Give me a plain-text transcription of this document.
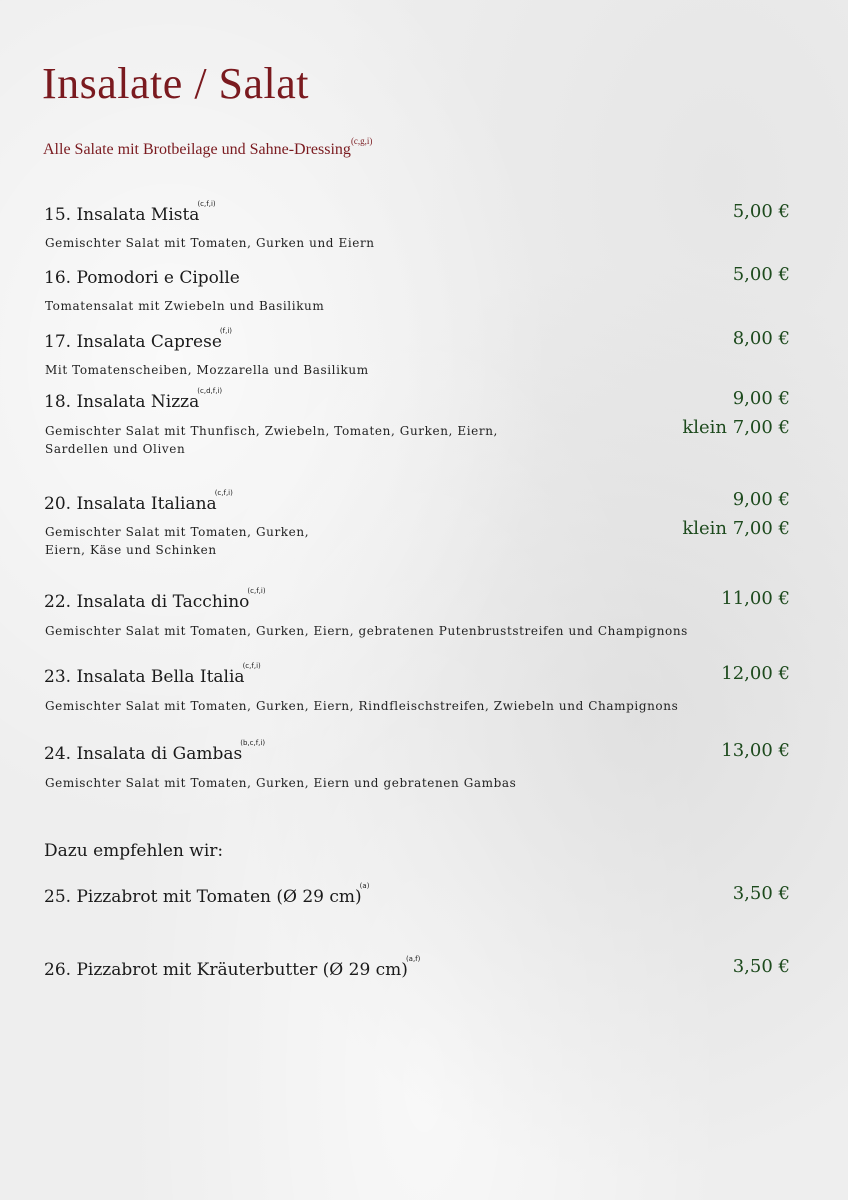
Insalate / Salat
Alle Salate mit Brotbeilage und Sahne-Dressing$^{(c,g,i)}$
15. Insalata Mista$^{(c,f,i)}$	5,00 €
Gemischter Salat mit Tomaten, Gurken und Eiern
16. Pomodori e Cipolle	5,00 €
Tomatensalat mit Zwiebeln und Basilikum
17. Insalata Caprese$^{(f,i)}$	8,00 €
Mit Tomatenscheiben, Mozzarella und Basilikum
18. Insalata Nizza$^{(c,d,f,i)}$	9,00 €
klein 7,00 €
Gemischter Salat mit Thunfisch, Zwiebeln, Tomaten, Gurken, Eiern,
Sardellen und Oliven
20. Insalata Italiana$^{(c,f,i)}$	9,00 €
klein 7,00 €
Gemischter Salat mit Tomaten, Gurken,
Eiern, Käse und Schinken
22. Insalata di Tacchino$^{(c,f,i)}$	11,00 €
Gemischter Salat mit Tomaten, Gurken, Eiern, gebratenen Putenbruststreifen und Champignons
23. Insalata Bella Italia$^{(c,f,i)}$	12,00 €
Gemischter Salat mit Tomaten, Gurken, Eiern, Rindfleischstreifen, Zwiebeln und Champignons
24. Insalata di Gambas$^{(b,c,f,i)}$	13,00 €
Gemischter Salat mit Tomaten, Gurken, Eiern und gebratenen Gambas
Dazu empfehlen wir:
25. Pizzabrot mit Tomaten (Ø 29 cm)$^{(a)}$	3,50 €
26. Pizzabrot mit Kräuterbutter (Ø 29 cm)$^{(a,f)}$	3,50 €
